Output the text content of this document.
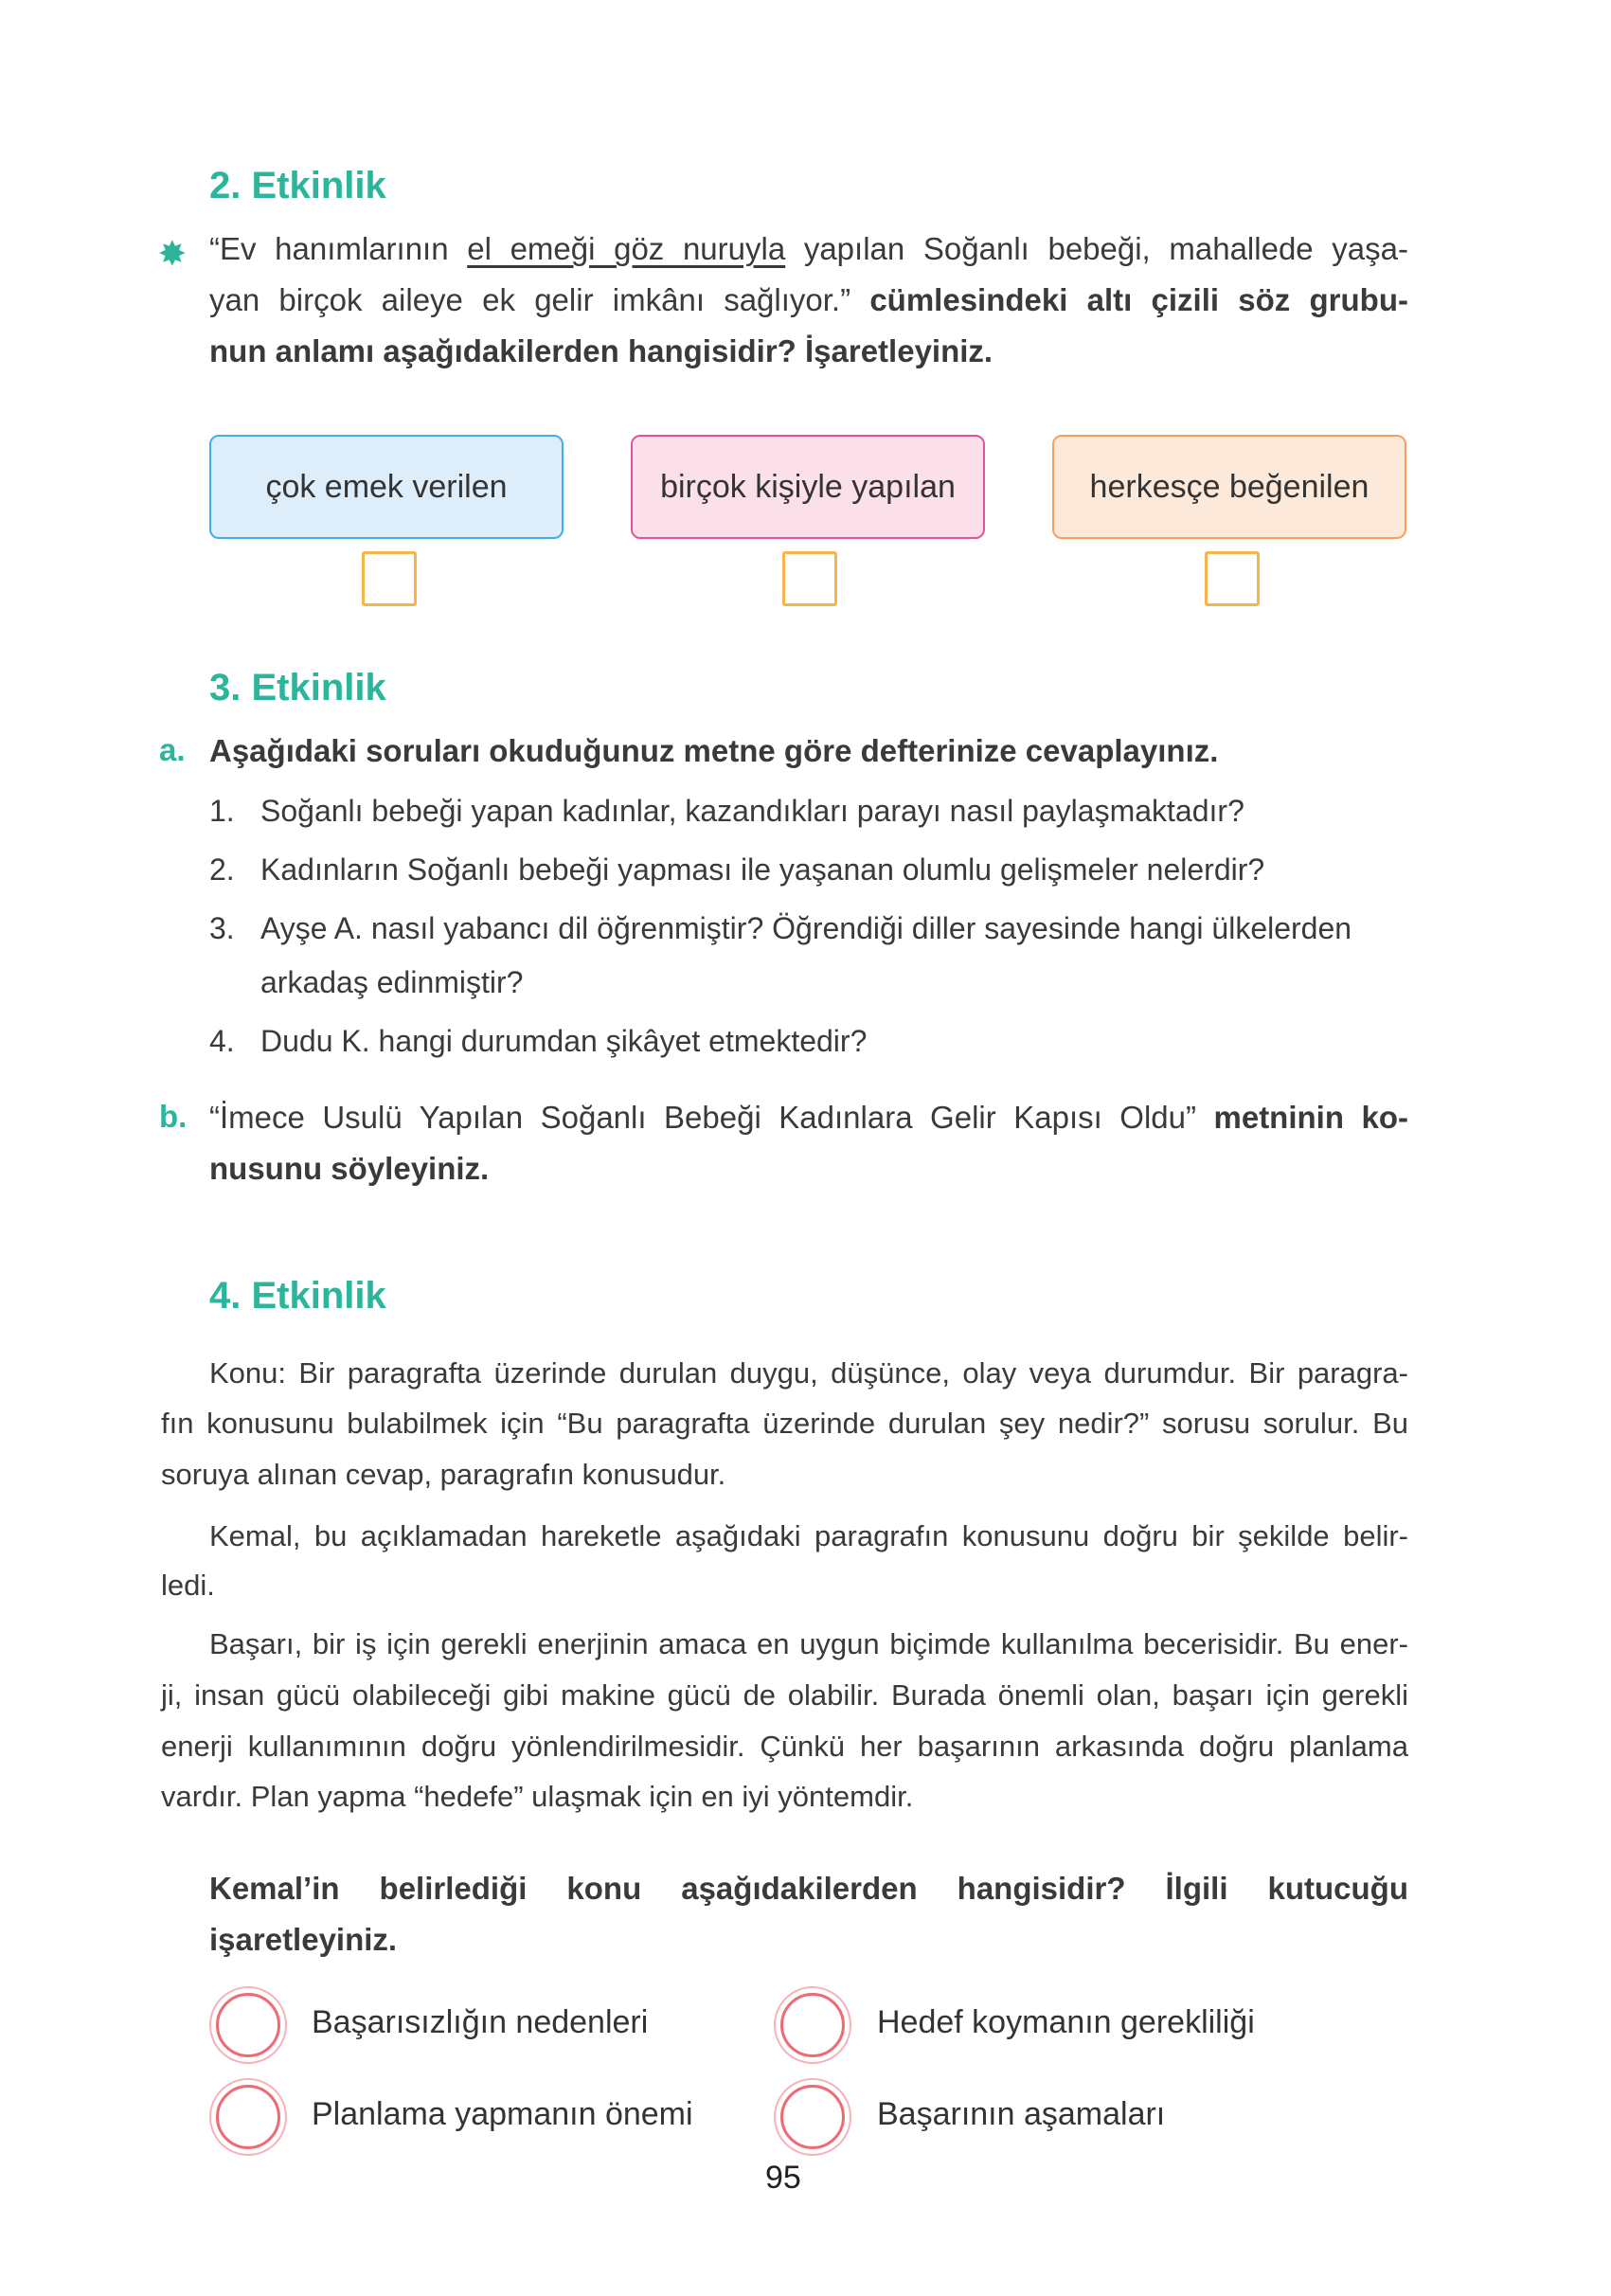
2. Etkinlik
✸ “Ev hanımlarının el emeği göz nuruyla yapılan Soğanlı bebeği, mahallede yaşa-
yan birçok aileye ek gelir imkânı sağlıyor.” cümlesindeki altı çizili söz grubu-
nun anlamı aşağıdakilerden hangisidir? İşaretleyiniz.
çok emek verilen	birçok kişiyle yapılan	herkesçe beğenilen
3. Etkinlik
a. Aşağıdaki soruları okuduğunuz metne göre defterinize cevaplayınız.
1. Soğanlı bebeği yapan kadınlar, kazandıkları parayı nasıl paylaşmaktadır?
2. Kadınların Soğanlı bebeği yapması ile yaşanan olumlu gelişmeler nelerdir?
3. Ayşe A. nasıl yabancı dil öğrenmiştir? Öğrendiği diller sayesinde hangi ülkelerden
arkadaş edinmiştir?
4. Dudu K. hangi durumdan şikâyet etmektedir?
b. “İmece Usulü Yapılan Soğanlı Bebeği Kadınlara Gelir Kapısı Oldu” metninin ko-
nusunu söyleyiniz.
4. Etkinlik
Konu: Bir paragrafta üzerinde durulan duygu, düşünce, olay veya durumdur. Bir paragra-
fın konusunu bulabilmek için “Bu paragrafta üzerinde durulan şey nedir?” sorusu sorulur. Bu
soruya alınan cevap, paragrafın konusudur.
Kemal, bu açıklamadan hareketle aşağıdaki paragrafın konusunu doğru bir şekilde belir-
ledi.
Başarı, bir iş için gerekli enerjinin amaca en uygun biçimde kullanılma becerisidir. Bu ener-
ji, insan gücü olabileceği gibi makine gücü de olabilir. Burada önemli olan, başarı için gerekli
enerji kullanımının doğru yönlendirilmesidir. Çünkü her başarının arkasında doğru planlama
vardır. Plan yapma “hedefe” ulaşmak için en iyi yöntemdir.
Kemal’in belirlediği konu aşağıdakilerden hangisidir? İlgili kutucuğu
işaretleyiniz.
Başarısızlığın nedenleri	Hedef koymanın gerekliliği
Planlama yapmanın önemi	Başarının aşamaları
95
